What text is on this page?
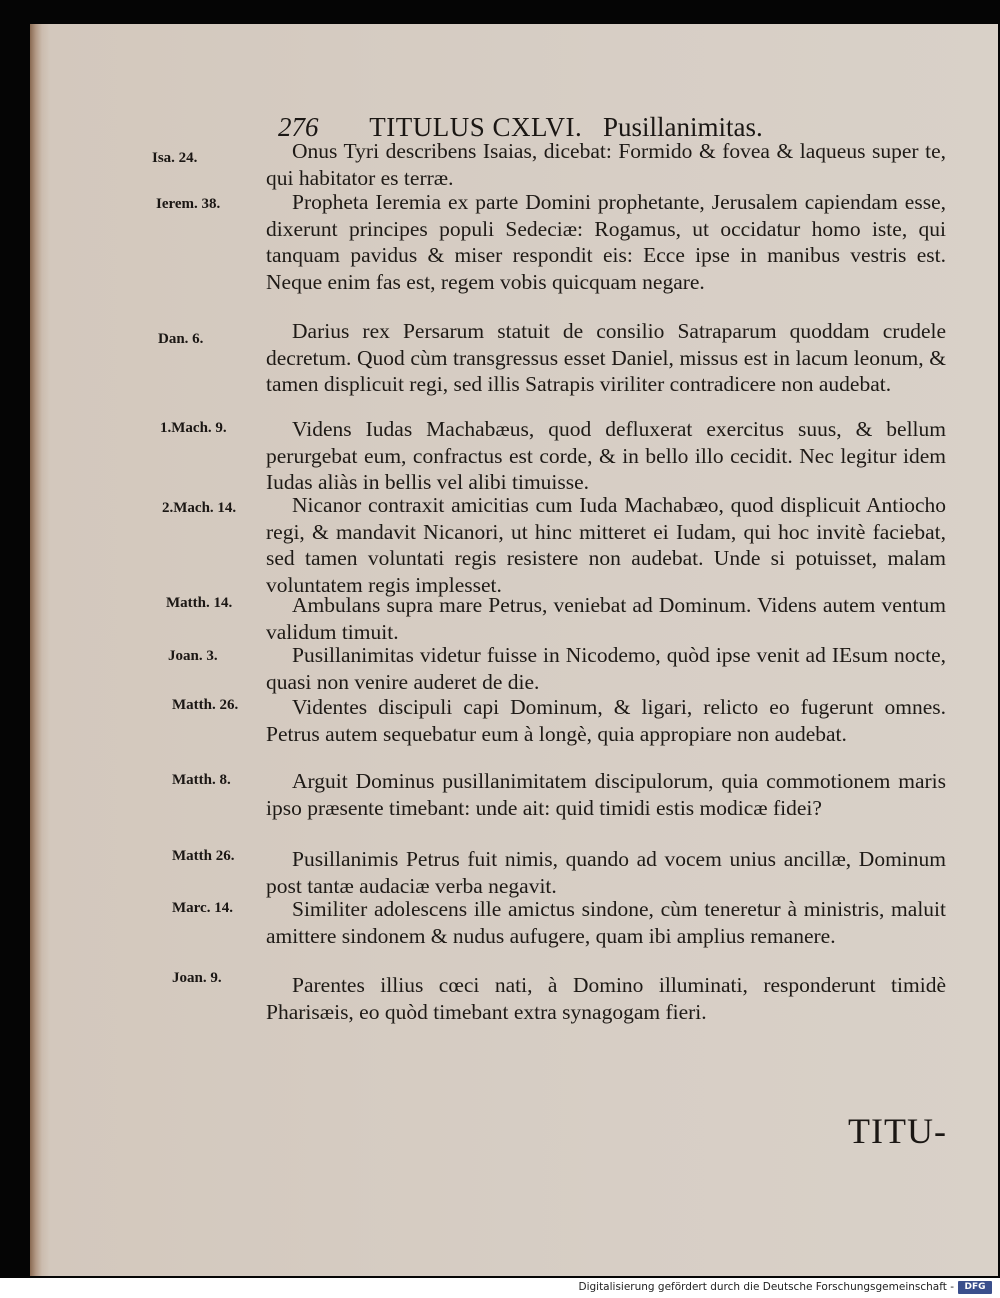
276 TITULUS CXLVI. Pusillanimitas.
Isa. 24.	Onus Tyri describens Isaias, dicebat: Formido & fovea & laqueus super te, qui habitator es terræ.

Ierem. 38.	Propheta Ieremia ex parte Domini prophetante, Jerusalem capiendam esse, dixerunt principes populi Sedeciæ: Rogamus, ut occidatur homo iste, qui tanquam pavidus & miser respondit eis: Ecce ipse in manibus vestris est. Neque enim fas est, regem vobis quicquam negare.

Dan. 6.	Darius rex Persarum statuit de consilio Satraparum quoddam crudele decretum. Quod cùm transgressus esset Daniel, missus est in lacum leonum, & tamen displicuit regi, sed illis Satrapis viriliter contradicere non audebat.

1.Mach. 9.	Videns Iudas Machabæus, quod defluxerat exercitus suus, & bellum perurgebat eum, confractus est corde, & in bello illo cecidit. Nec legitur idem Iudas aliàs in bellis vel alibi timuisse.

2.Mach. 14.	Nicanor contraxit amicitias cum Iuda Machabæo, quod displicuit Antiocho regi, & mandavit Nicanori, ut hinc mitteret ei Iudam, qui hoc invitè faciebat, sed tamen voluntati regis resistere non audebat. Unde si potuisset, malam voluntatem regis implesset.

Matth. 14.	Ambulans supra mare Petrus, veniebat ad Dominum. Videns autem ventum validum timuit.

Joan. 3.	Pusillanimitas videtur fuisse in Nicodemo, quòd ipse venit ad IEsum nocte, quasi non venire auderet de die.

Matth. 26.	Videntes discipuli capi Dominum, & ligari, relicto eo fugerunt omnes. Petrus autem sequebatur eum à longè, quia appropiare non audebat.

Matth. 8.	Arguit Dominus pusillanimitatem discipulorum, quia commotionem maris ipso præsente timebant: unde ait: quid timidi estis modicæ fidei?

Matth 26.	Pusillanimis Petrus fuit nimis, quando ad vocem unius ancillæ, Dominum post tantæ audaciæ verba negavit.

Marc. 14.	Similiter adolescens ille amictus sindone, cùm teneretur à ministris, maluit amittere sindonem & nudus aufugere, quam ibi amplius remanere.

Joan. 9.	Parentes illius cœci nati, à Domino illuminati, responderunt timidè Pharisæis, eo quòd timebant extra synagogam fieri.

TITU-
Digitalisierung gefördert durch die Deutsche Forschungsgemeinschaft -	DFG
